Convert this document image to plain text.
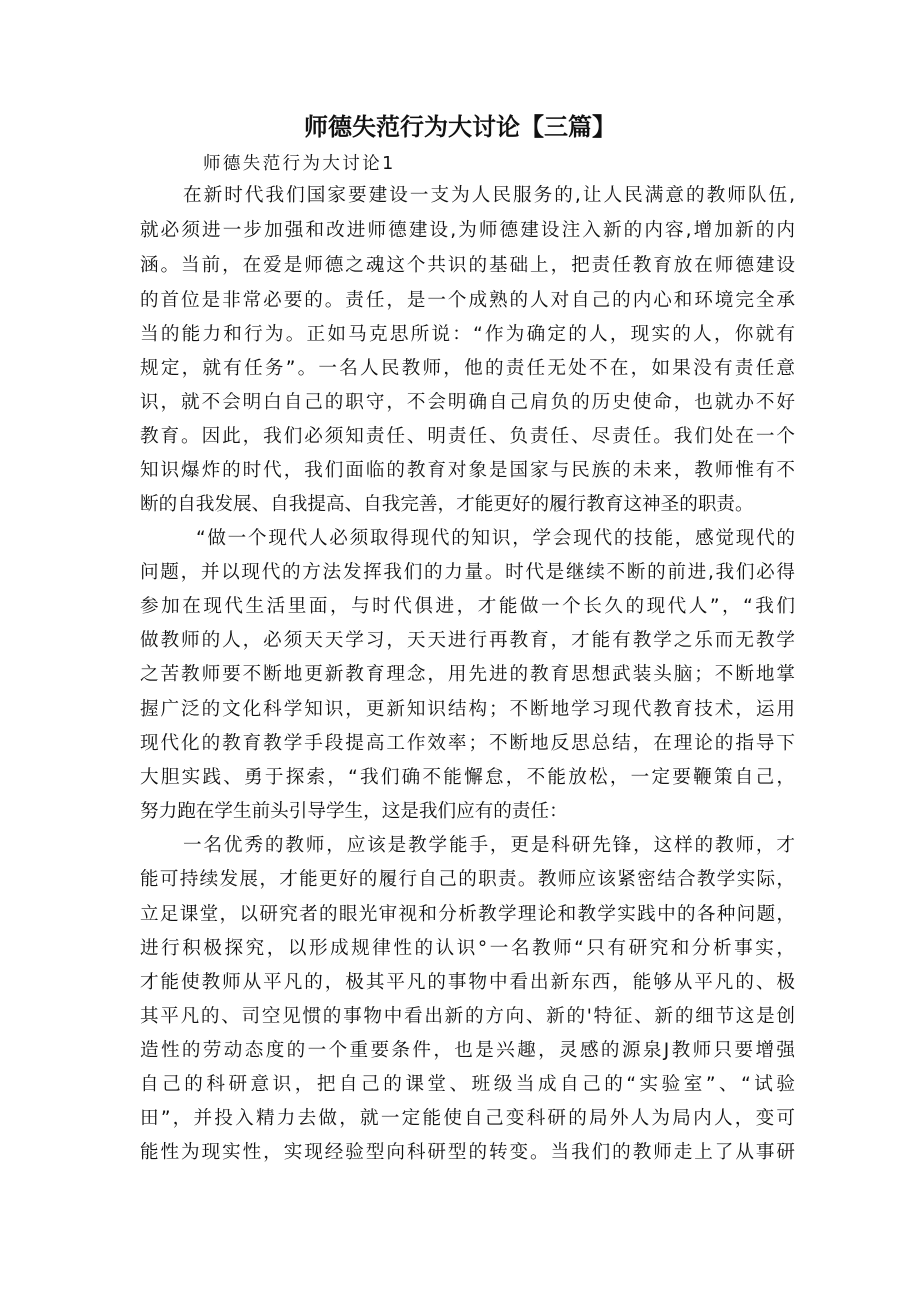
师德失范行为大讨论【三篇】

师德失范行为大讨论1

在新时代我们国家要建设一支为人民服务的,让人民满意的教师队伍,

就必须进一步加强和改进师德建设,为师德建设注入新的内容,增加新的内

涵。当前，在爱是师德之魂这个共识的基础上，把责任教育放在师德建设

的首位是非常必要的。责任，是一个成熟的人对自己的内心和环境完全承

当的能力和行为。正如马克思所说：“作为确定的人，现实的人，你就有

规定，就有任务”。一名人民教师，他的责任无处不在，如果没有责任意

识，就不会明白自己的职守，不会明确自己肩负的历史使命，也就办不好

教育。因此，我们必须知责任、明责任、负责任、尽责任。我们处在一个

知识爆炸的时代，我们面临的教育对象是国家与民族的未来，教师惟有不

断的自我发展、自我提高、自我完善，才能更好的履行教育这神圣的职责。

“做一个现代人必须取得现代的知识，学会现代的技能，感觉现代的

问题，并以现代的方法发挥我们的力量。时代是继续不断的前进,我们必得

参加在现代生活里面，与时代俱进，才能做一个长久的现代人”，“我们

做教师的人，必须天天学习，天天进行再教育，才能有教学之乐而无教学

之苦教师要不断地更新教育理念，用先进的教育思想武装头脑；不断地掌

握广泛的文化科学知识，更新知识结构；不断地学习现代教育技术，运用

现代化的教育教学手段提高工作效率；不断地反思总结，在理论的指导下

大胆实践、勇于探索，“我们确不能懈怠，不能放松，一定要鞭策自己，

努力跑在学生前头引导学生，这是我们应有的责任：

一名优秀的教师，应该是教学能手，更是科研先锋，这样的教师，才

能可持续发展，才能更好的履行自己的职责。教师应该紧密结合教学实际，

立足课堂，以研究者的眼光审视和分析教学理论和教学实践中的各种问题，

进行积极探究，以形成规律性的认识°一名教师“只有研究和分析事实，

才能使教师从平凡的，极其平凡的事物中看出新东西，能够从平凡的、极

其平凡的、司空见惯的事物中看出新的方向、新的'特征、新的细节这是创

造性的劳动态度的一个重要条件，也是兴趣，灵感的源泉J教师只要增强

自己的科研意识，把自己的课堂、班级当成自己的“实验室”、“试验

田”，并投入精力去做，就一定能使自己变科研的局外人为局内人，变可

能性为现实性，实现经验型向科研型的转变。当我们的教师走上了从事研
